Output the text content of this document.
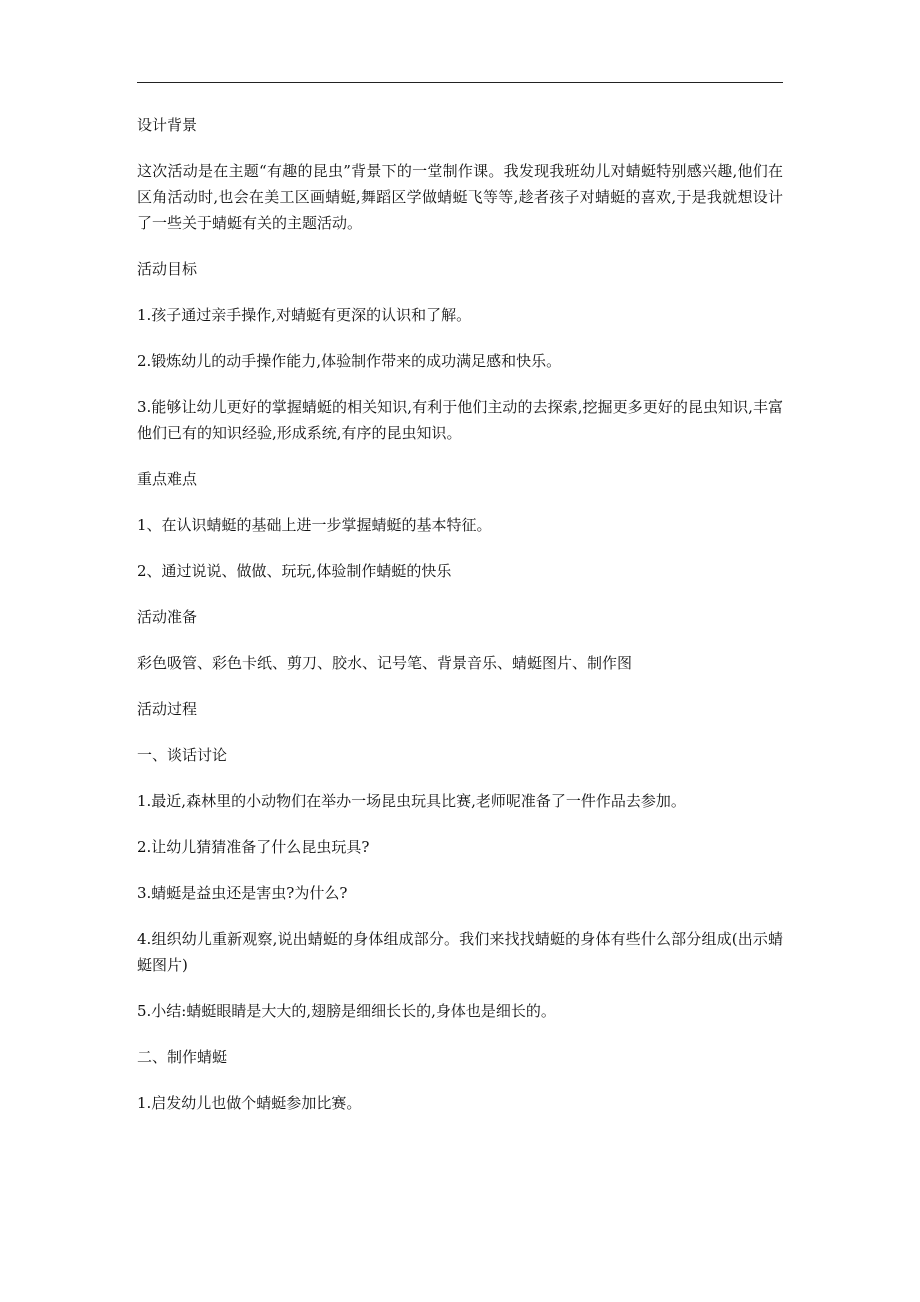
设计背景

这次活动是在主题“有趣的昆虫”背景下的一堂制作课。我发现我班幼儿对蜻蜓特别感兴趣,他们在区角活动时,也会在美工区画蜻蜓,舞蹈区学做蜻蜓飞等等,趁者孩子对蜻蜓的喜欢,于是我就想设计了一些关于蜻蜓有关的主题活动。

活动目标

1.孩子通过亲手操作,对蜻蜓有更深的认识和了解。

2.锻炼幼儿的动手操作能力,体验制作带来的成功满足感和快乐。

3.能够让幼儿更好的掌握蜻蜓的相关知识,有利于他们主动的去探索,挖掘更多更好的昆虫知识,丰富他们已有的知识经验,形成系统,有序的昆虫知识。

重点难点

1、在认识蜻蜓的基础上进一步掌握蜻蜓的基本特征。

2、通过说说、做做、玩玩,体验制作蜻蜓的快乐

活动准备

彩色吸管、彩色卡纸、剪刀、胶水、记号笔、背景音乐、蜻蜓图片、制作图

活动过程

一、谈话讨论

1.最近,森林里的小动物们在举办一场昆虫玩具比赛,老师呢准备了一件作品去参加。

2.让幼儿猜猜准备了什么昆虫玩具?

3.蜻蜓是益虫还是害虫?为什么?

4.组织幼儿重新观察,说出蜻蜓的身体组成部分。我们来找找蜻蜓的身体有些什么部分组成(出示蜻蜓图片)

5.小结:蜻蜓眼睛是大大的,翅膀是细细长长的,身体也是细长的。

二、制作蜻蜓

1.启发幼儿也做个蜻蜓参加比赛。
